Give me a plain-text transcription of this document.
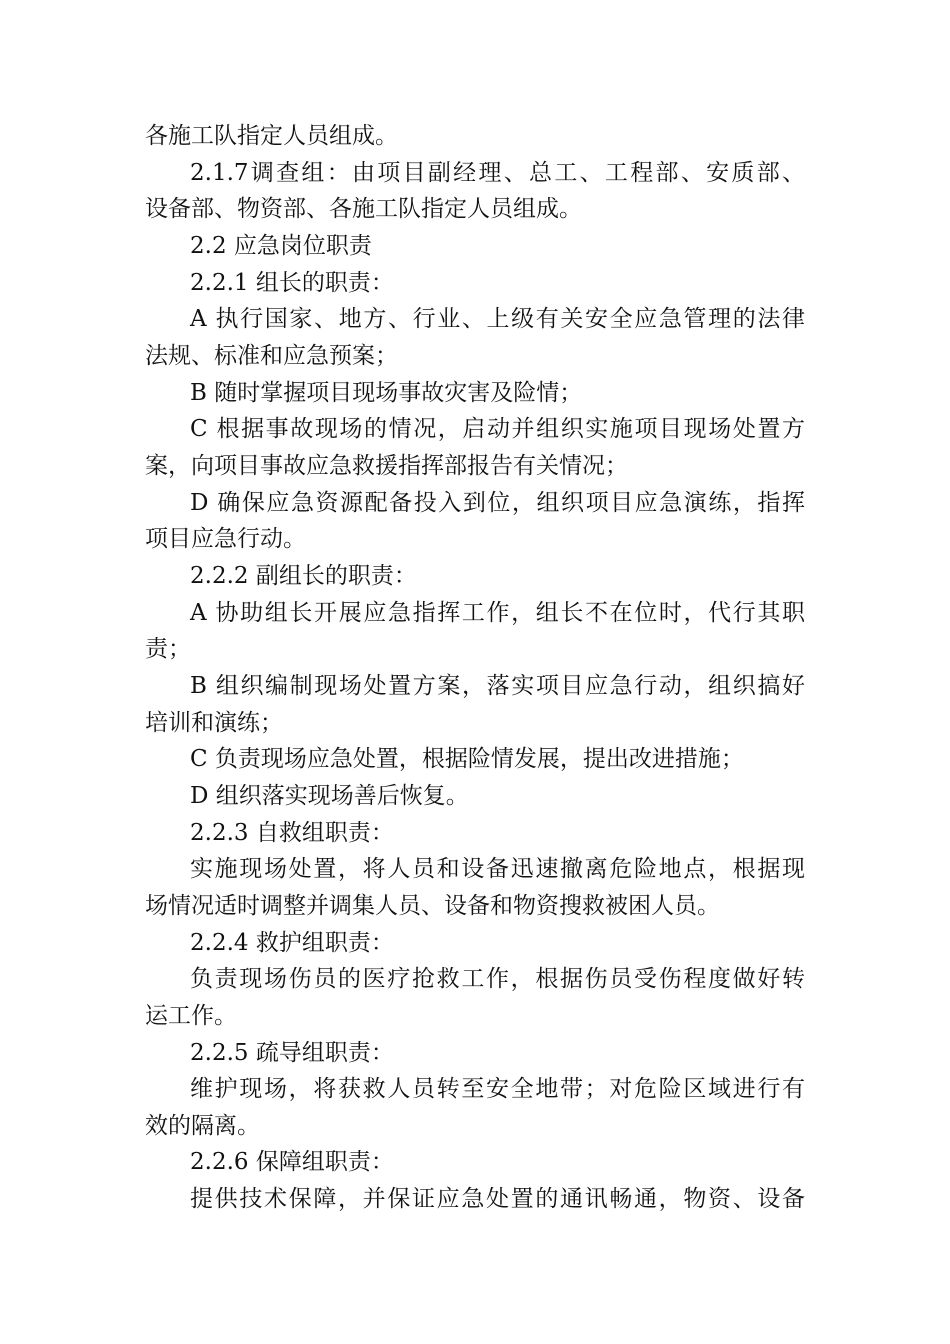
各施工队指定人员组成。
2.1.7调查组：由项目副经理、总工、工程部、安质部、
设备部、物资部、各施工队指定人员组成。
2.2 应急岗位职责
2.2.1 组长的职责：
A 执行国家、地方、行业、上级有关安全应急管理的法律
法规、标准和应急预案；
B 随时掌握项目现场事故灾害及险情；
C 根据事故现场的情况，启动并组织实施项目现场处置方
案，向项目事故应急救援指挥部报告有关情况；
D 确保应急资源配备投入到位，组织项目应急演练，指挥
项目应急行动。
2.2.2 副组长的职责：
A 协助组长开展应急指挥工作，组长不在位时，代行其职
责；
B 组织编制现场处置方案，落实项目应急行动，组织搞好
培训和演练；
C 负责现场应急处置，根据险情发展，提出改进措施；
D 组织落实现场善后恢复。
2.2.3 自救组职责：
实施现场处置，将人员和设备迅速撤离危险地点，根据现
场情况适时调整并调集人员、设备和物资搜救被困人员。
2.2.4 救护组职责：
负责现场伤员的医疗抢救工作，根据伤员受伤程度做好转
运工作。
2.2.5 疏导组职责：
维护现场，将获救人员转至安全地带；对危险区域进行有
效的隔离。
2.2.6 保障组职责：
提供技术保障，并保证应急处置的通讯畅通，物资、设备
